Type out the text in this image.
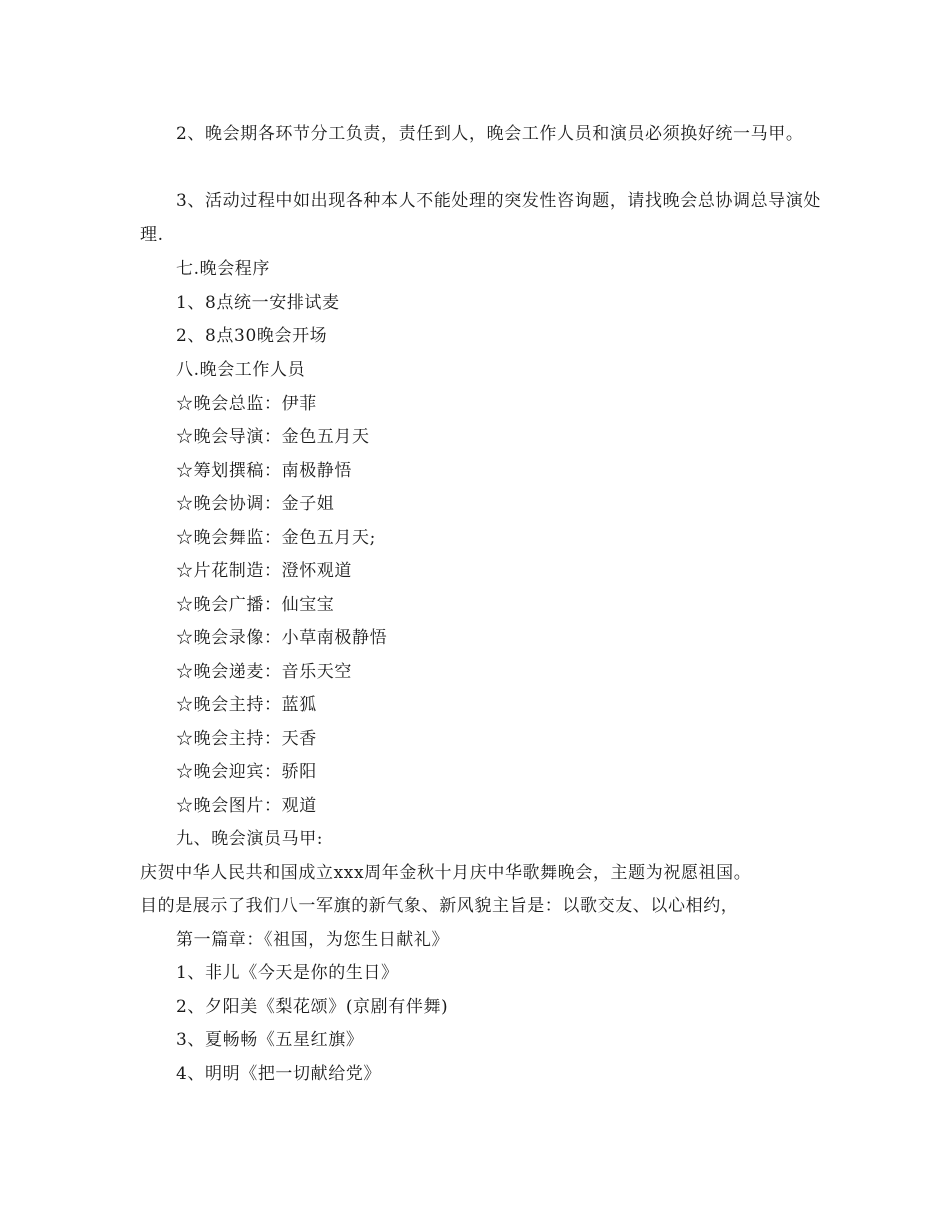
2、晚会期各环节分工负责，责任到人，晚会工作人员和演员必须换好统一马甲。

3、活动过程中如出现各种本人不能处理的突发性咨询题，请找晚会总协调总导演处理.

七.晚会程序

1、8点统一安排试麦

2、8点30晚会开场

八.晚会工作人员

☆晚会总监：伊菲

☆晚会导演：金色五月天

☆筹划撰稿：南极静悟

☆晚会协调：金子姐

☆晚会舞监：金色五月天;

☆片花制造：澄怀观道

☆晚会广播：仙宝宝

☆晚会录像：小草南极静悟

☆晚会递麦：音乐天空

☆晚会主持：蓝狐

☆晚会主持：天香

☆晚会迎宾：骄阳

☆晚会图片：观道

九、晚会演员马甲:

庆贺中华人民共和国成立xxx周年金秋十月庆中华歌舞晚会，主题为祝愿祖国。

目的是展示了我们八一军旗的新气象、新风貌主旨是：以歌交友、以心相约，

第一篇章：《祖国，为您生日献礼》

1、非儿《今天是你的生日》

2、夕阳美《梨花颂》(京剧有伴舞)

3、夏畅畅《五星红旗》

4、明明《把一切献给党》
